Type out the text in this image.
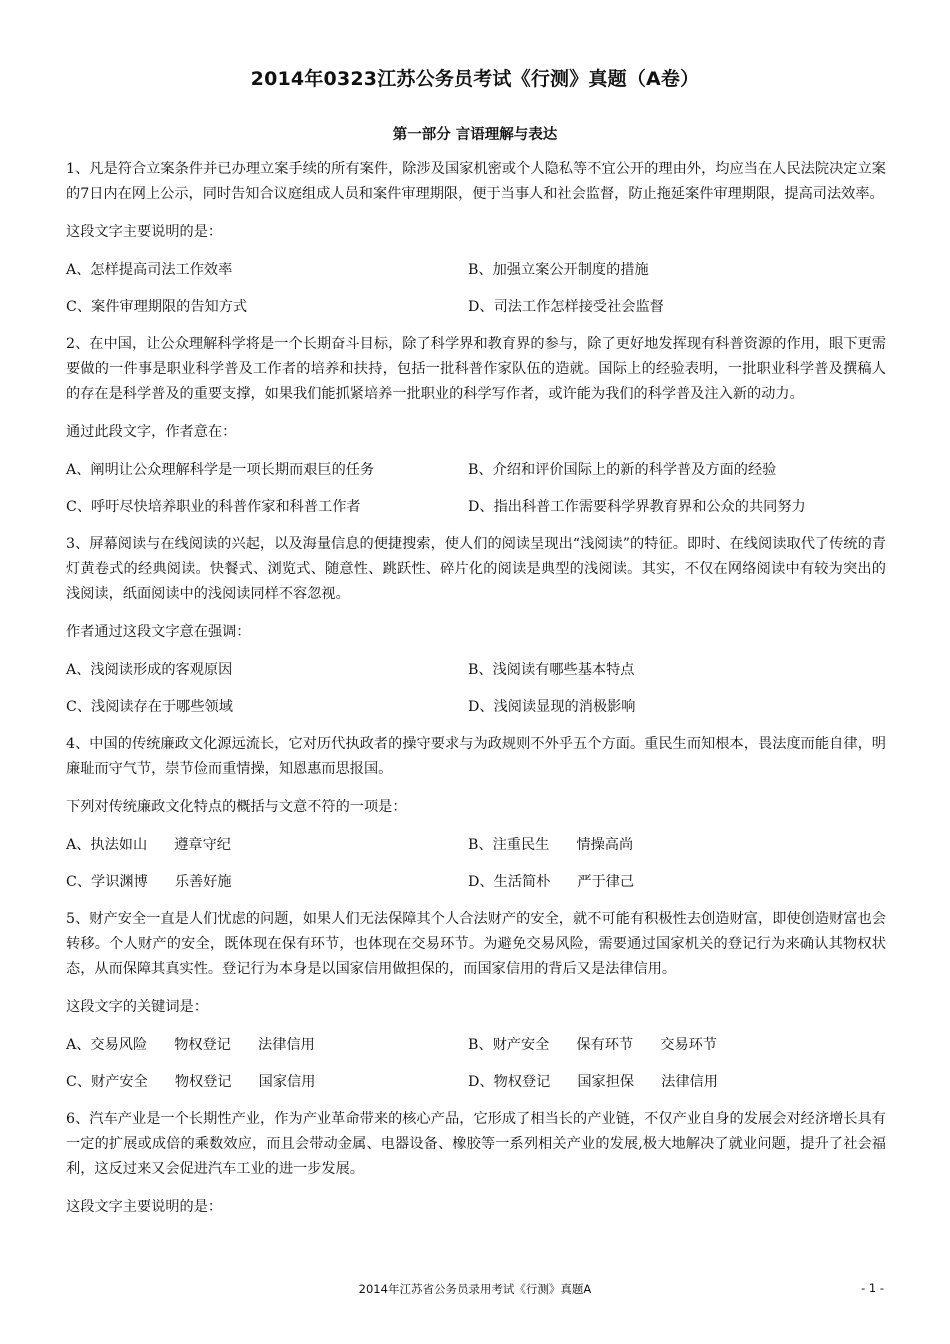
2014年0323江苏公务员考试《行测》真题（A卷）
第一部分 言语理解与表达

1、凡是符合立案条件并已办理立案手续的所有案件，除涉及国家机密或个人隐私等不宜公开的理由外，均应当在人民法院决定立案的7日内在网上公示，同时告知合议庭组成人员和案件审理期限，便于当事人和社会监督，防止拖延案件审理期限，提高司法效率。

这段文字主要说明的是：

A、怎样提高司法工作效率	B、加强立案公开制度的措施
C、案件审理期限的告知方式	D、司法工作怎样接受社会监督

2、在中国，让公众理解科学将是一个长期奋斗目标，除了科学界和教育界的参与，除了更好地发挥现有科普资源的作用，眼下更需要做的一件事是职业科学普及工作者的培养和扶持，包括一批科普作家队伍的造就。国际上的经验表明，一批职业科学普及撰稿人的存在是科学普及的重要支撑，如果我们能抓紧培养一批职业的科学写作者，或许能为我们的科学普及注入新的动力。

通过此段文字，作者意在：

A、阐明让公众理解科学是一项长期而艰巨的任务	B、介绍和评价国际上的新的科学普及方面的经验
C、呼吁尽快培养职业的科普作家和科普工作者	D、指出科普工作需要科学界教育界和公众的共同努力

3、屏幕阅读与在线阅读的兴起，以及海量信息的便捷搜索，使人们的阅读呈现出“浅阅读”的特征。即时、在线阅读取代了传统的青灯黄卷式的经典阅读。快餐式、浏览式、随意性、跳跃性、碎片化的阅读是典型的浅阅读。其实，不仅在网络阅读中有较为突出的浅阅读，纸面阅读中的浅阅读同样不容忽视。

作者通过这段文字意在强调：

A、浅阅读形成的客观原因	B、浅阅读有哪些基本特点
C、浅阅读存在于哪些领域	D、浅阅读显现的消极影响

4、中国的传统廉政文化源远流长，它对历代执政者的操守要求与为政规则不外乎五个方面。重民生而知根本，畏法度而能自律，明廉耻而守气节，崇节俭而重情操，知恩惠而思报国。

下列对传统廉政文化特点的概括与文意不符的一项是：

A、执法如山      遵章守纪	B、注重民生      情操高尚
C、学识渊博      乐善好施	D、生活简朴      严于律己

5、财产安全一直是人们忧虑的问题，如果人们无法保障其个人合法财产的安全，就不可能有积极性去创造财富，即使创造财富也会转移。个人财产的安全，既体现在保有环节，也体现在交易环节。为避免交易风险，需要通过国家机关的登记行为来确认其物权状态，从而保障其真实性。登记行为本身是以国家信用做担保的，而国家信用的背后又是法律信用。

这段文字的关键词是：

A、交易风险      物权登记      法律信用	B、财产安全      保有环节      交易环节
C、财产安全      物权登记      国家信用	D、物权登记      国家担保      法律信用

6、汽车产业是一个长期性产业，作为产业革命带来的核心产品，它形成了相当长的产业链，不仅产业自身的发展会对经济增长具有一定的扩展或成倍的乘数效应，而且会带动金属、电器设备、橡胶等一系列相关产业的发展,极大地解决了就业问题，提升了社会福利，这反过来又会促进汽车工业的进一步发展。

这段文字主要说明的是：

2014年江苏省公务员录用考试《行测》真题A	- 1 -
